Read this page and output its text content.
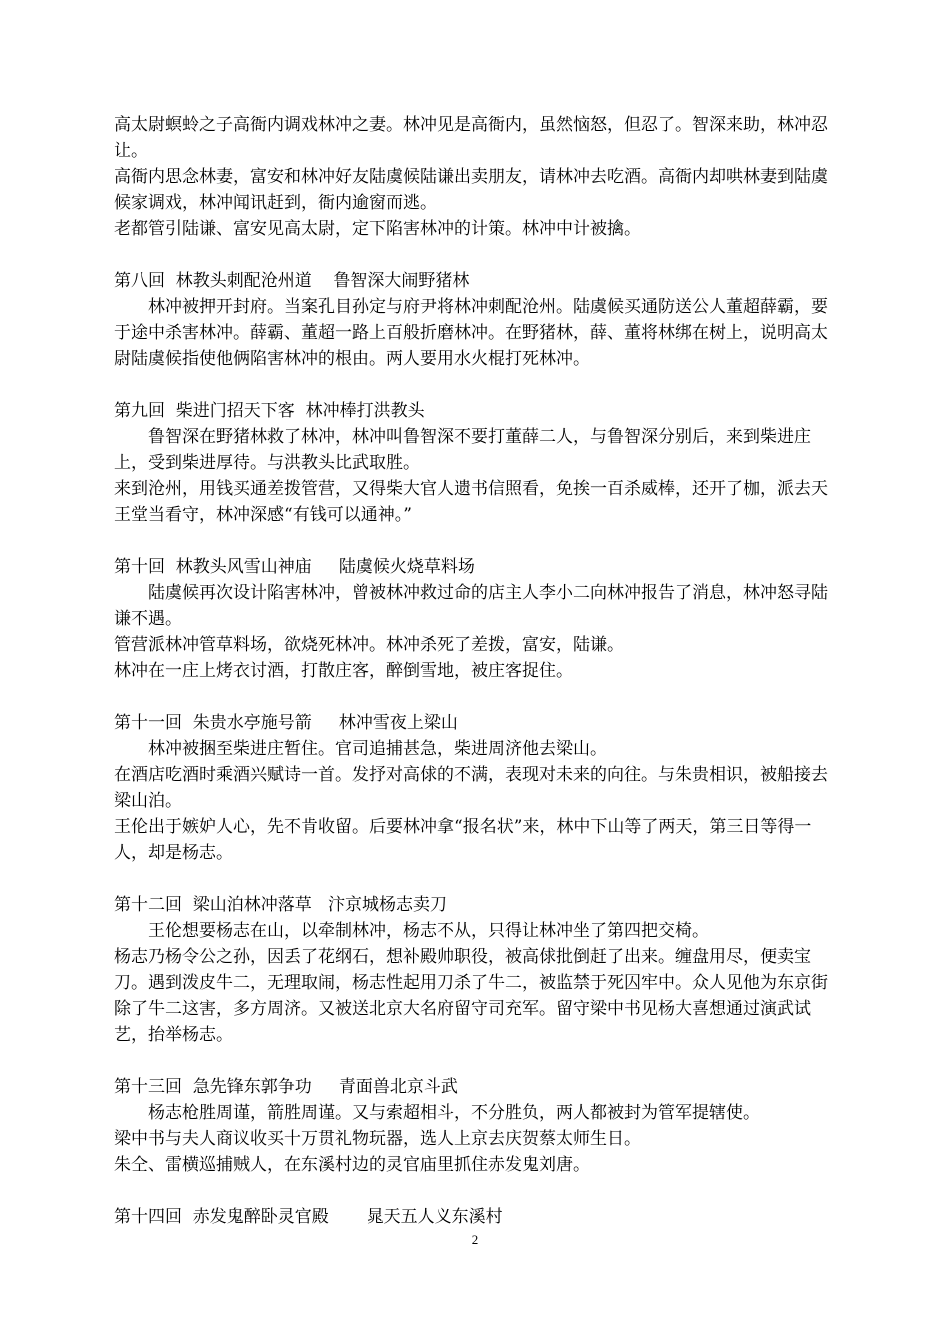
高太尉螟蛉之子高衙内调戏林冲之妻。林冲见是高衙内，虽然恼怒，但忍了。智深来助，林冲忍让。

高衙内思念林妻，富安和林冲好友陆虞候陆谦出卖朋友，请林冲去吃酒。高衙内却哄林妻到陆虞候家调戏，林冲闻讯赶到，衙内逾窗而逃。

老都管引陆谦、富安见高太尉，定下陷害林冲的计策。林冲中计被擒。

第八回  林教头刺配沧州道    鲁智深大闹野猪林

林冲被押开封府。当案孔目孙定与府尹将林冲刺配沧州。陆虞候买通防送公人董超薛霸，要于途中杀害林冲。薛霸、董超一路上百般折磨林冲。在野猪林，薛、董将林绑在树上，说明高太尉陆虞候指使他俩陷害林冲的根由。两人要用水火棍打死林冲。

第九回  柴进门招天下客  林冲棒打洪教头

鲁智深在野猪林救了林冲，林冲叫鲁智深不要打董薛二人，与鲁智深分别后，来到柴进庄上，受到柴进厚待。与洪教头比武取胜。

来到沧州，用钱买通差拨管营，又得柴大官人遗书信照看，免挨一百杀威棒，还开了枷，派去天王堂当看守，林冲深感“有钱可以通神。”

第十回  林教头风雪山神庙     陆虞候火烧草料场

陆虞候再次设计陷害林冲，曾被林冲救过命的店主人李小二向林冲报告了消息，林冲怒寻陆谦不遇。

管营派林冲管草料场，欲烧死林冲。林冲杀死了差拨，富安，陆谦。

林冲在一庄上烤衣讨酒，打散庄客，醉倒雪地，被庄客捉住。

第十一回  朱贵水亭施号箭     林冲雪夜上梁山

林冲被捆至柴进庄暂住。官司追捕甚急，柴进周济他去梁山。

在酒店吃酒时乘酒兴赋诗一首。发抒对高俅的不满，表现对未来的向往。与朱贵相识，被船接去梁山泊。

王伦出于嫉妒人心，先不肯收留。后要林冲拿“报名状”来，林中下山等了两天，第三日等得一人，却是杨志。

第十二回  梁山泊林冲落草   汴京城杨志卖刀

王伦想要杨志在山，以牵制林冲，杨志不从，只得让林冲坐了第四把交椅。

杨志乃杨令公之孙，因丢了花纲石，想补殿帅职役，被高俅批倒赶了出来。缠盘用尽，便卖宝刀。遇到泼皮牛二，无理取闹，杨志性起用刀杀了牛二，被监禁于死囚牢中。众人见他为东京街除了牛二这害，多方周济。又被送北京大名府留守司充军。留守梁中书见杨大喜想通过演武试艺，抬举杨志。

第十三回  急先锋东郭争功     青面兽北京斗武

杨志枪胜周谨，箭胜周谨。又与索超相斗，不分胜负，两人都被封为管军提辖使。

梁中书与夫人商议收买十万贯礼物玩器，选人上京去庆贺蔡太师生日。

朱仝、雷横巡捕贼人，在东溪村边的灵官庙里抓住赤发鬼刘唐。

第十四回  赤发鬼醉卧灵官殿       晁天五人义东溪村

2
